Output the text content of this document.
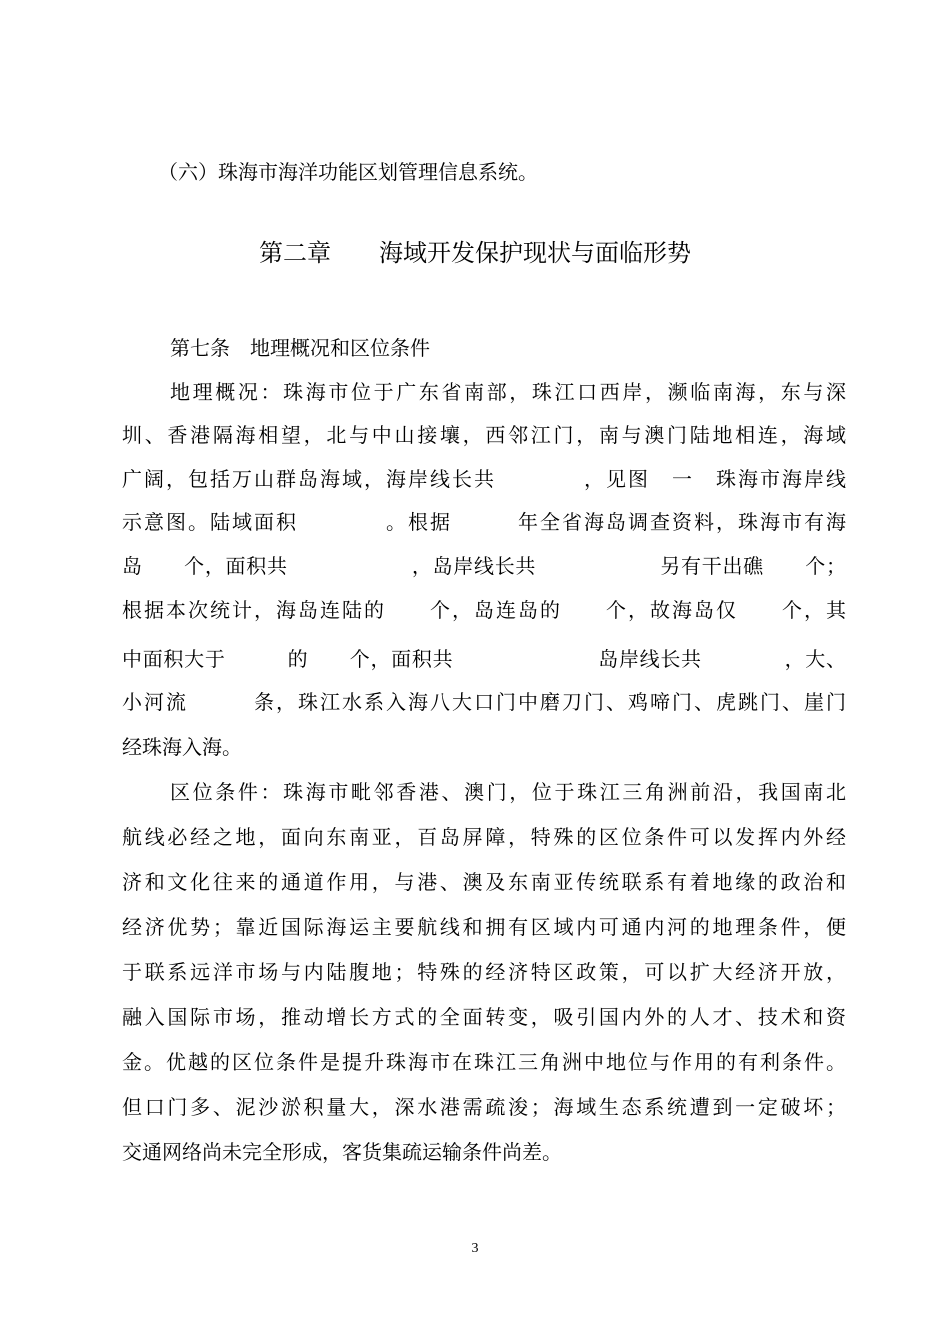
（六）珠海市海洋功能区划管理信息系统。
第二章　　海域开发保护现状与面临形势
第七条　地理概况和区位条件
地理概况：珠海市位于广东省南部，珠江口西岸，濒临南海，东与深
圳、香港隔海相望，北与中山接壤，西邻江门，南与澳门陆地相连，海域
广阔，包括万山群岛海域，海岸线长共　　　　，见图　一　珠海市海岸线
示意图。陆域面积　　　　。根据　　　年全省海岛调查资料，珠海市有海
岛　　个，面积共　　　　　　，岛岸线长共　　　　　　另有干出礁　　个；
根据本次统计，海岛连陆的　　个，岛连岛的　　个，故海岛仅　　个，其
中面积大于　　　的　　个，面积共　　　　　　　岛岸线长共　　　　，大、
小河流　　　条，珠江水系入海八大口门中磨刀门、鸡啼门、虎跳门、崖门
经珠海入海。
区位条件：珠海市毗邻香港、澳门，位于珠江三角洲前沿，我国南北
航线必经之地，面向东南亚，百岛屏障，特殊的区位条件可以发挥内外经
济和文化往来的通道作用，与港、澳及东南亚传统联系有着地缘的政治和
经济优势；靠近国际海运主要航线和拥有区域内可通内河的地理条件，便
于联系远洋市场与内陆腹地；特殊的经济特区政策，可以扩大经济开放，
融入国际市场，推动增长方式的全面转变，吸引国内外的人才、技术和资
金。优越的区位条件是提升珠海市在珠江三角洲中地位与作用的有利条件。
但口门多、泥沙淤积量大，深水港需疏浚；海域生态系统遭到一定破坏；
交通网络尚未完全形成，客货集疏运输条件尚差。
3
